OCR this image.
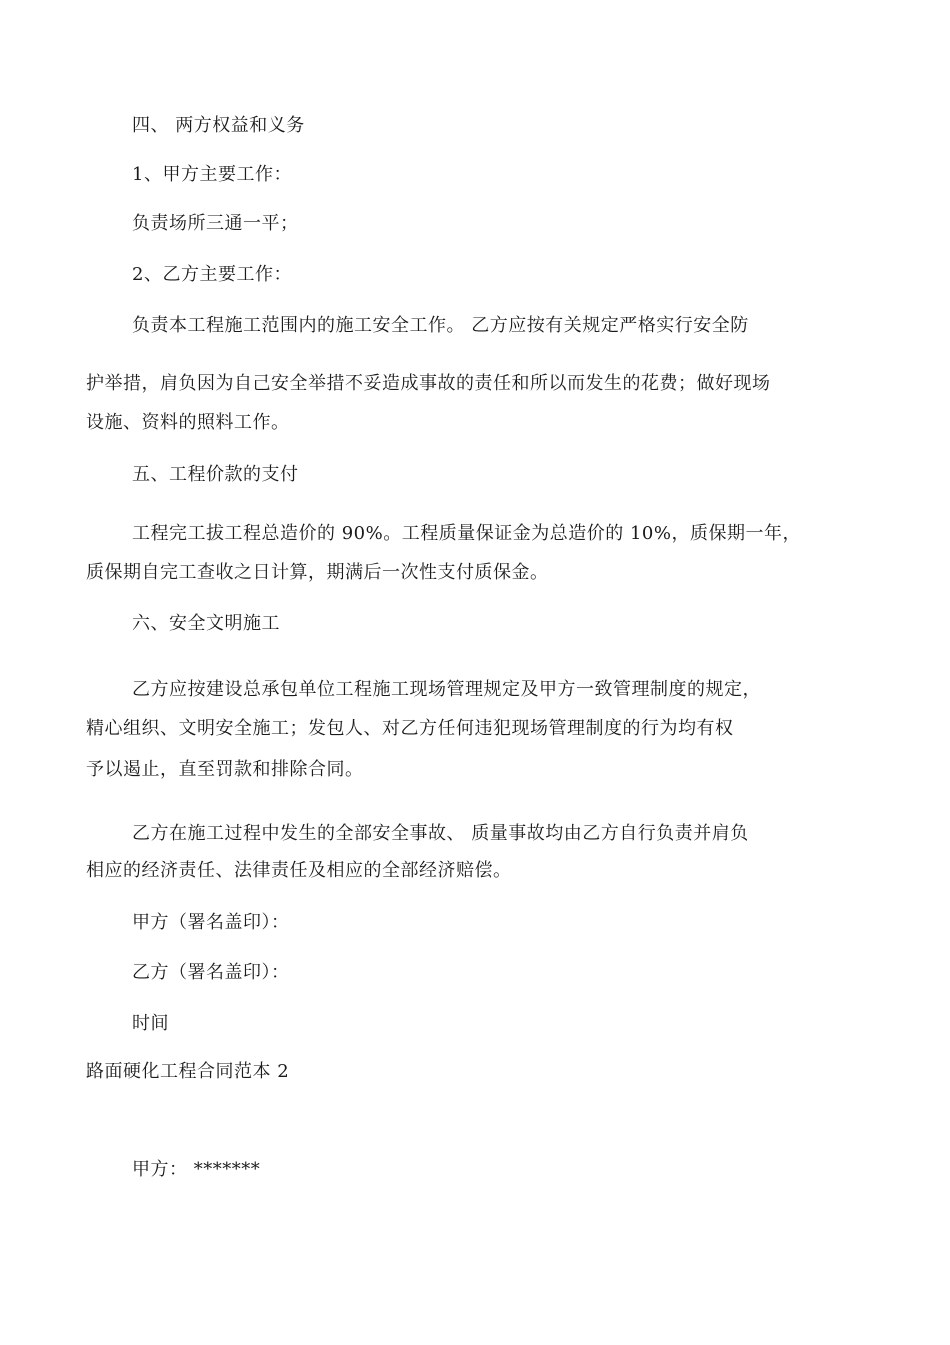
四、 两方权益和义务
1、甲方主要工作：
负责场所三通一平；
2、乙方主要工作：
负责本工程施工范围内的施工安全工作。 乙方应按有关规定严格实行安全防
护举措，肩负因为自己安全举措不妥造成事故的责任和所以而发生的花费；做好现场
设施、资料的照料工作。
五、工程价款的支付
工程完工拔工程总造价的 90%。工程质量保证金为总造价的 10%，质保期一年，
质保期自完工查收之日计算，期满后一次性支付质保金。
六、安全文明施工
乙方应按建设总承包单位工程施工现场管理规定及甲方一致管理制度的规定，
精心组织、文明安全施工；发包人、对乙方任何违犯现场管理制度的行为均有权
予以遏止，直至罚款和排除合同。
乙方在施工过程中发生的全部安全事故、 质量事故均由乙方自行负责并肩负
相应的经济责任、法律责任及相应的全部经济赔偿。
甲方（署名盖印）：
乙方（署名盖印）：
时间
路面硬化工程合同范本 2
甲方： *******
